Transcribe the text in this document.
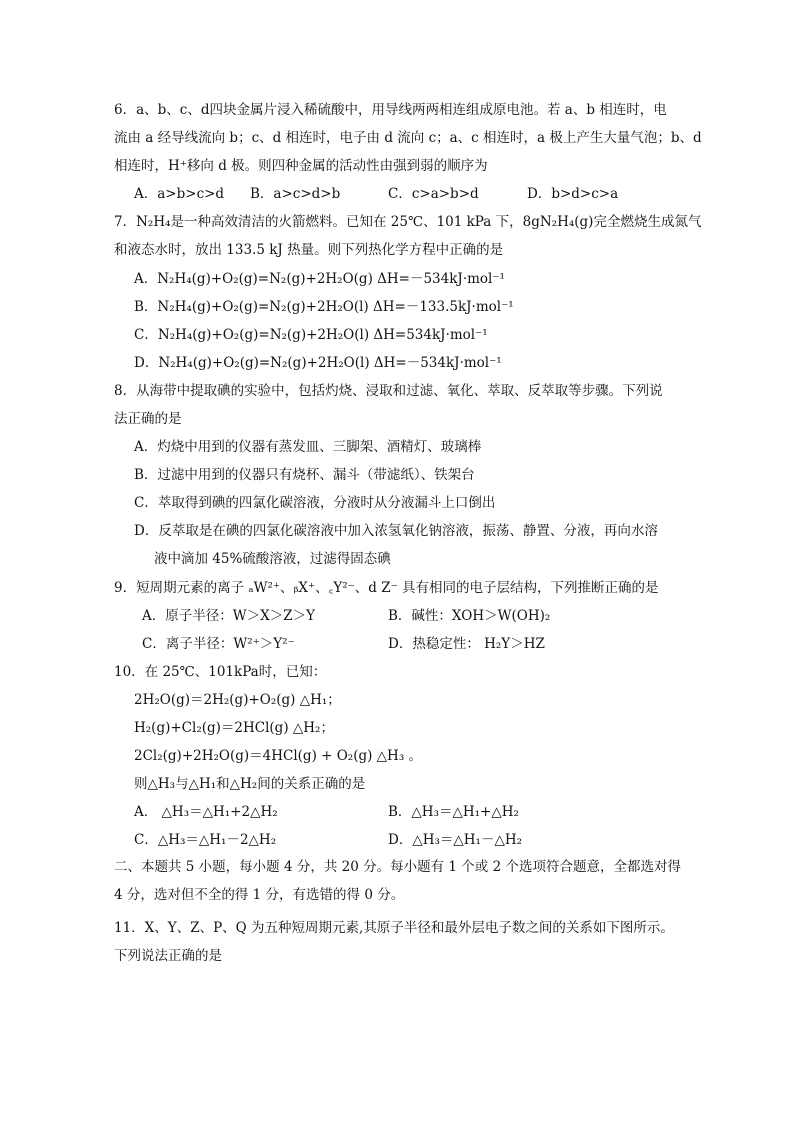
6．a、b、c、d四块金属片浸入稀硫酸中，用导线两两相连组成原电池。若 a、b 相连时，电
流由 a 经导线流向 b；c、d 相连时，电子由 d 流向 c；a、c 相连时，a 极上产生大量气泡；b、d
相连时，H⁺移向 d 极。则四种金属的活动性由强到弱的顺序为
A．a>b>c>d B．a>c>d>b	C．c>a>b>d	D．b>d>c>a
7．N₂H₄是一种高效清洁的火箭燃料。已知在 25℃、101 kPa 下，8gN₂H₄(g)完全燃烧生成氮气
和液态水时，放出 133.5 kJ 热量。则下列热化学方程中正确的是
A．N₂H₄(g)+O₂(g)=N₂(g)+2H₂O(g) ΔH=－534kJ·mol⁻¹
B．N₂H₄(g)+O₂(g)=N₂(g)+2H₂O(l) ΔH=－133.5kJ·mol⁻¹
C．N₂H₄(g)+O₂(g)=N₂(g)+2H₂O(l) ΔH=534kJ·mol⁻¹
D．N₂H₄(g)+O₂(g)=N₂(g)+2H₂O(l) ΔH=－534kJ·mol⁻¹
8．从海带中提取碘的实验中，包括灼烧、浸取和过滤、氧化、萃取、反萃取等步骤。下列说
法正确的是
A．灼烧中用到的仪器有蒸发皿、三脚架、酒精灯、玻璃棒
B．过滤中用到的仪器只有烧杯、漏斗（带滤纸）、铁架台
C．萃取得到碘的四氯化碳溶液，分液时从分液漏斗上口倒出
D．反萃取是在碘的四氯化碳溶液中加入浓氢氧化钠溶液，振荡、静置、分液，再向水溶
液中滴加 45%硫酸溶液，过滤得固态碘
9．短周期元素的离子 ₐW²⁺、ᵦX⁺、꜀Y²⁻、d Z⁻ 具有相同的电子层结构，下列推断正确的是
A．原子半径：W＞X＞Z＞Y	B．碱性：XOH＞W(OH)₂
C．离子半径：W²⁺＞Y²⁻	D．热稳定性： H₂Y＞HZ
10．在 25℃、101kPa时，已知：
2H₂O(g)＝2H₂(g)+O₂(g) △H₁；
H₂(g)+Cl₂(g)＝2HCl(g) △H₂；
2Cl₂(g)+2H₂O(g)＝4HCl(g) + O₂(g) △H₃ 。
则△H₃与△H₁和△H₂间的关系正确的是
A． △H₃＝△H₁+2△H₂	B．△H₃＝△H₁+△H₂
C．△H₃＝△H₁－2△H₂	D．△H₃＝△H₁－△H₂
二、本题共 5 小题，每小题 4 分，共 20 分。每小题有 1 个或 2 个选项符合题意，全都选对得
4 分，选对但不全的得 1 分，有选错的得 0 分。
11．X、Y、Z、P、Q 为五种短周期元素,其原子半径和最外层电子数之间的关系如下图所示。
下列说法正确的是
